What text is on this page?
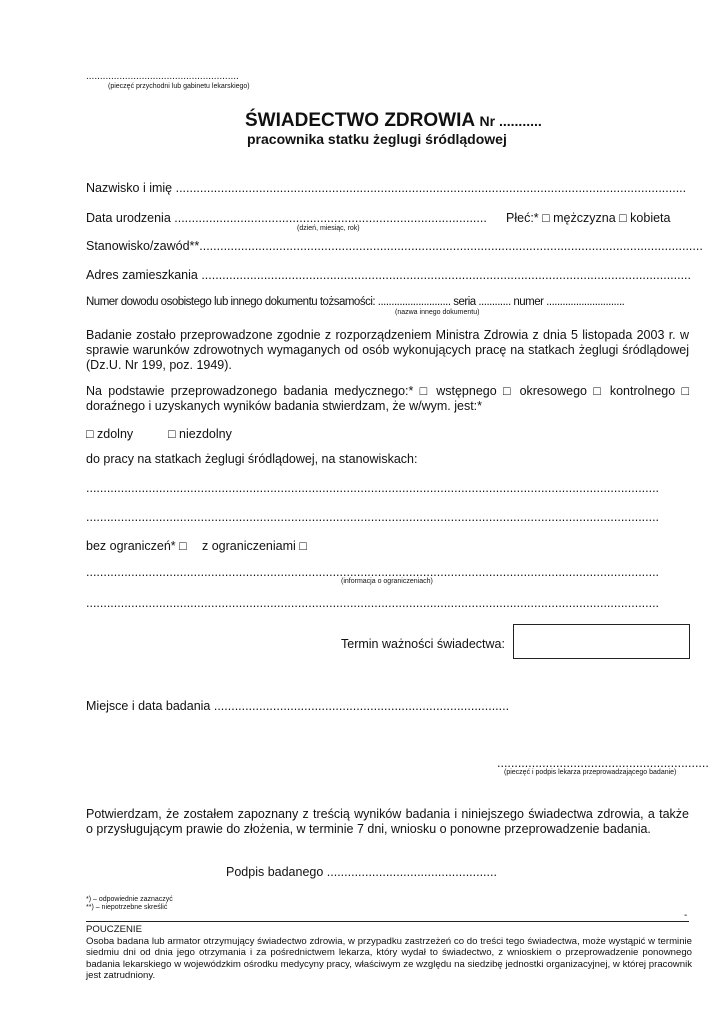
.......................................................
(pieczęć przychodni lub gabinetu lekarskiego)
ŚWIADECTWO ZDROWIA Nr ...........
pracownika statku żeglugi śródlądowej
Nazwisko i imię ...................................................................................................................................................
Data urodzenia ..........................................................................................
(dzień, miesiąc, rok)
Płeć:* □ mężczyzna □ kobieta
Stanowisko/zawód**.................................................................................................................................................
Adres zamieszkania .............................................................................................................................................
Numer dowodu osobistego lub innego dokumentu tożsamości: ........................... seria ............ numer .............................
(nazwa innego dokumentu)
Badanie zostało przeprowadzone zgodnie z rozporządzeniem Ministra Zdrowia z dnia 5 listopada 2003 r. w sprawie warunków zdrowotnych wymaganych od osób wykonujących pracę na statkach żeglugi śródlądowej (Dz.U. Nr 199, poz. 1949).
Na podstawie przeprowadzonego badania medycznego:* □ wstępnego □ okresowego □ kontrolnego □ doraźnego i uzyskanych wyników badania stwierdzam, że w/wym. jest:*
□ zdolny	□ niezdolny
do pracy na statkach żeglugi śródlądowej, na stanowiskach:
.....................................................................................................................................................................
.....................................................................................................................................................................
bez ograniczeń* □ z ograniczeniami □
.....................................................................................................................................................................
(informacja o ograniczeniach)
.....................................................................................................................................................................
Termin ważności świadectwa:
Miejsce i data badania .....................................................................................
.............................................................
(pieczęć i podpis lekarza przeprowadzającego badanie)
Potwierdzam, że zostałem zapoznany z treścią wyników badania i niniejszego świadectwa zdrowia, a także o przysługującym prawie do złożenia, w terminie 7 dni, wniosku o ponowne przeprowadzenie badania.
Podpis badanego .................................................
*) – odpowiednie zaznaczyć
**) – niepotrzebne skreślić
-
POUCZENIE
Osoba badana lub armator otrzymujący świadectwo zdrowia, w przypadku zastrzeżeń co do treści tego świadectwa, może wystąpić w terminie siedmiu dni od dnia jego otrzymania i za pośrednictwem lekarza, który wydał to świadectwo, z wnioskiem o przeprowadzenie ponownego badania lekarskiego w wojewódzkim ośrodku medycyny pracy, właściwym ze względu na siedzibę jednostki organizacyjnej, w której pracownik jest zatrudniony.
